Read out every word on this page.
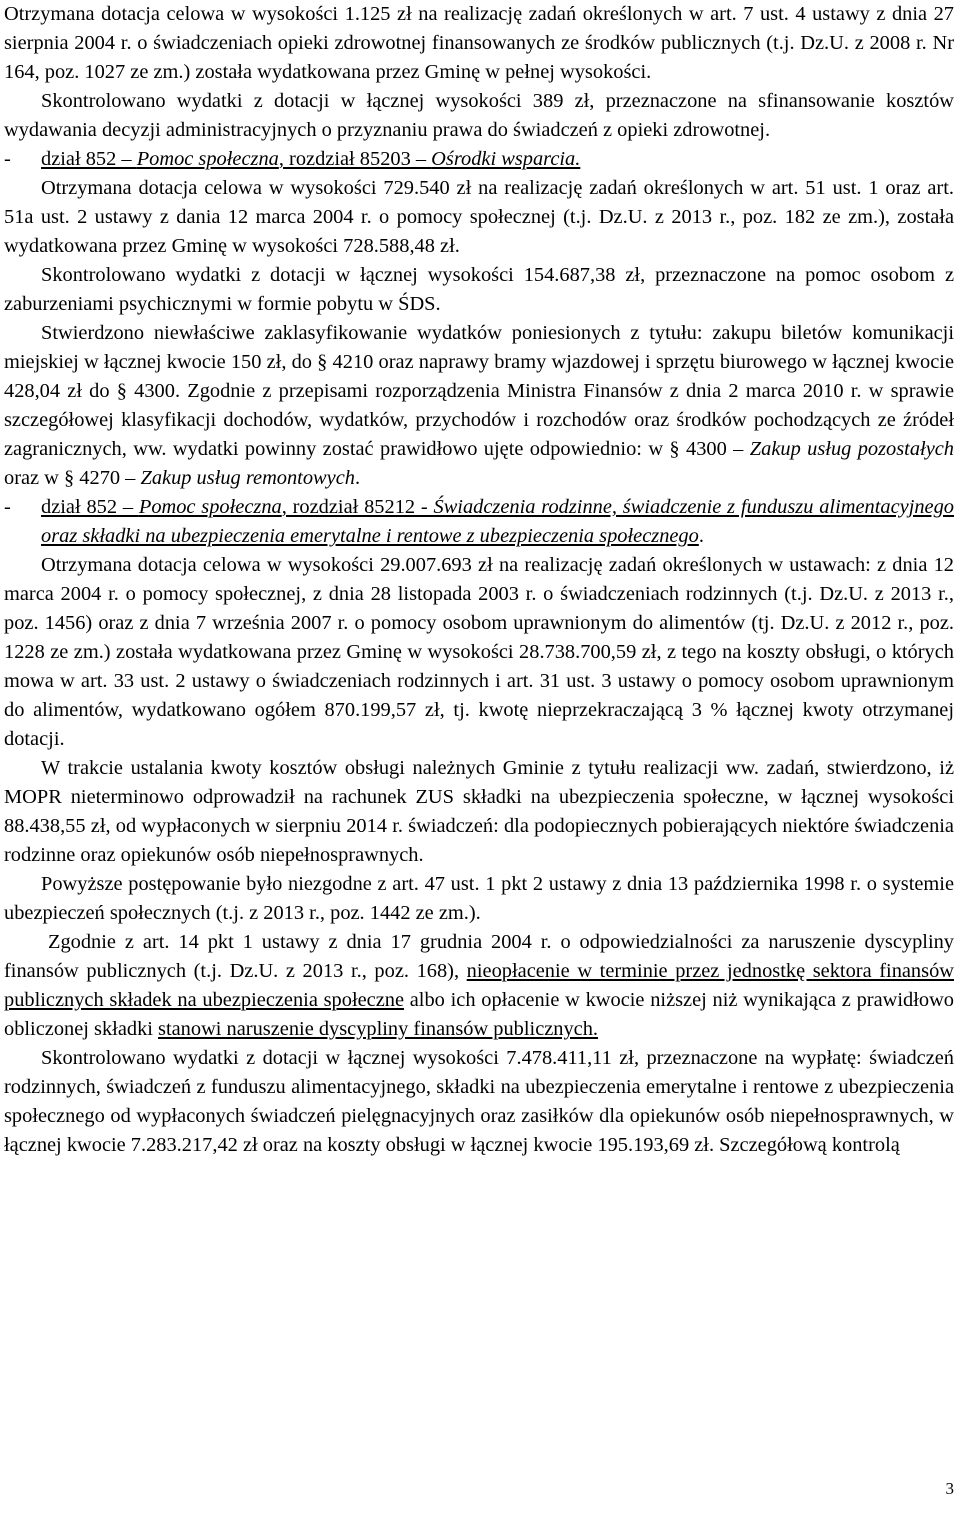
Otrzymana dotacja celowa w wysokości 1.125 zł na realizację zadań określonych w art. 7 ust. 4 ustawy z dnia 27 sierpnia 2004 r. o świadczeniach opieki zdrowotnej finansowanych ze środków publicznych (t.j. Dz.U. z 2008 r. Nr 164, poz. 1027 ze zm.) została wydatkowana przez Gminę w pełnej wysokości.

Skontrolowano wydatki z dotacji w łącznej wysokości 389 zł, przeznaczone na sfinansowanie kosztów wydawania decyzji administracyjnych o przyznaniu prawa do świadczeń z opieki zdrowotnej.

- dział 852 – Pomoc społeczna, rozdział 85203 – Ośrodki wsparcia.

Otrzymana dotacja celowa w wysokości 729.540 zł na realizację zadań określonych w art. 51 ust. 1 oraz art. 51a ust. 2 ustawy z dania 12 marca 2004 r. o pomocy społecznej (t.j. Dz.U. z 2013 r., poz. 182 ze zm.), została wydatkowana przez Gminę w wysokości 728.588,48 zł.

Skontrolowano wydatki z dotacji w łącznej wysokości 154.687,38 zł, przeznaczone na pomoc osobom z zaburzeniami psychicznymi w formie pobytu w ŚDS.

Stwierdzono niewłaściwe zaklasyfikowanie wydatków poniesionych z tytułu: zakupu biletów komunikacji miejskiej w łącznej kwocie 150 zł, do § 4210 oraz naprawy bramy wjazdowej i sprzętu biurowego w łącznej kwocie 428,04 zł do § 4300. Zgodnie z przepisami rozporządzenia Ministra Finansów z dnia 2 marca 2010 r. w sprawie szczegółowej klasyfikacji dochodów, wydatków, przychodów i rozchodów oraz środków pochodzących ze źródeł zagranicznych, ww. wydatki powinny zostać prawidłowo ujęte odpowiednio: w § 4300 – Zakup usług pozostałych oraz w § 4270 – Zakup usług remontowych.

- dział 852 – Pomoc społeczna, rozdział 85212 - Świadczenia rodzinne, świadczenie z funduszu alimentacyjnego oraz składki na ubezpieczenia emerytalne i rentowe z ubezpieczenia społecznego.

Otrzymana dotacja celowa w wysokości 29.007.693 zł na realizację zadań określonych w ustawach: z dnia 12 marca 2004 r. o pomocy społecznej, z dnia 28 listopada 2003 r. o świadczeniach rodzinnych (t.j. Dz.U. z 2013 r., poz. 1456) oraz z dnia 7 września 2007 r. o pomocy osobom uprawnionym do alimentów (tj. Dz.U. z 2012 r., poz. 1228 ze zm.) została wydatkowana przez Gminę w wysokości 28.738.700,59 zł, z tego na koszty obsługi, o których mowa w art. 33 ust. 2 ustawy o świadczeniach rodzinnych i art. 31 ust. 3 ustawy o pomocy osobom uprawnionym do alimentów, wydatkowano ogółem 870.199,57 zł, tj. kwotę nieprzekraczającą 3 % łącznej kwoty otrzymanej dotacji.

W trakcie ustalania kwoty kosztów obsługi należnych Gminie z tytułu realizacji ww. zadań, stwierdzono, iż MOPR nieterminowo odprowadził na rachunek ZUS składki na ubezpieczenia społeczne, w łącznej wysokości 88.438,55 zł, od wypłaconych w sierpniu 2014 r. świadczeń: dla podopiecznych pobierających niektóre świadczenia rodzinne oraz opiekunów osób niepełnosprawnych.

Powyższe postępowanie było niezgodne z art. 47 ust. 1 pkt 2 ustawy z dnia 13 października 1998 r. o systemie ubezpieczeń społecznych (t.j. z 2013 r., poz. 1442 ze zm.).

Zgodnie z art. 14 pkt 1 ustawy z dnia 17 grudnia 2004 r. o odpowiedzialności za naruszenie dyscypliny finansów publicznych (t.j. Dz.U. z 2013 r., poz. 168), nieopłacenie w terminie przez jednostkę sektora finansów publicznych składek na ubezpieczenia społeczne albo ich opłacenie w kwocie niższej niż wynikająca z prawidłowo obliczonej składki stanowi naruszenie dyscypliny finansów publicznych.

Skontrolowano wydatki z dotacji w łącznej wysokości 7.478.411,11 zł, przeznaczone na wypłatę: świadczeń rodzinnych, świadczeń z funduszu alimentacyjnego, składki na ubezpieczenia emerytalne i rentowe z ubezpieczenia społecznego od wypłaconych świadczeń pielęgnacyjnych oraz zasiłków dla opiekunów osób niepełnosprawnych, w łącznej kwocie 7.283.217,42 zł oraz na koszty obsługi w łącznej kwocie 195.193,69 zł. Szczegółową kontrolą

3
